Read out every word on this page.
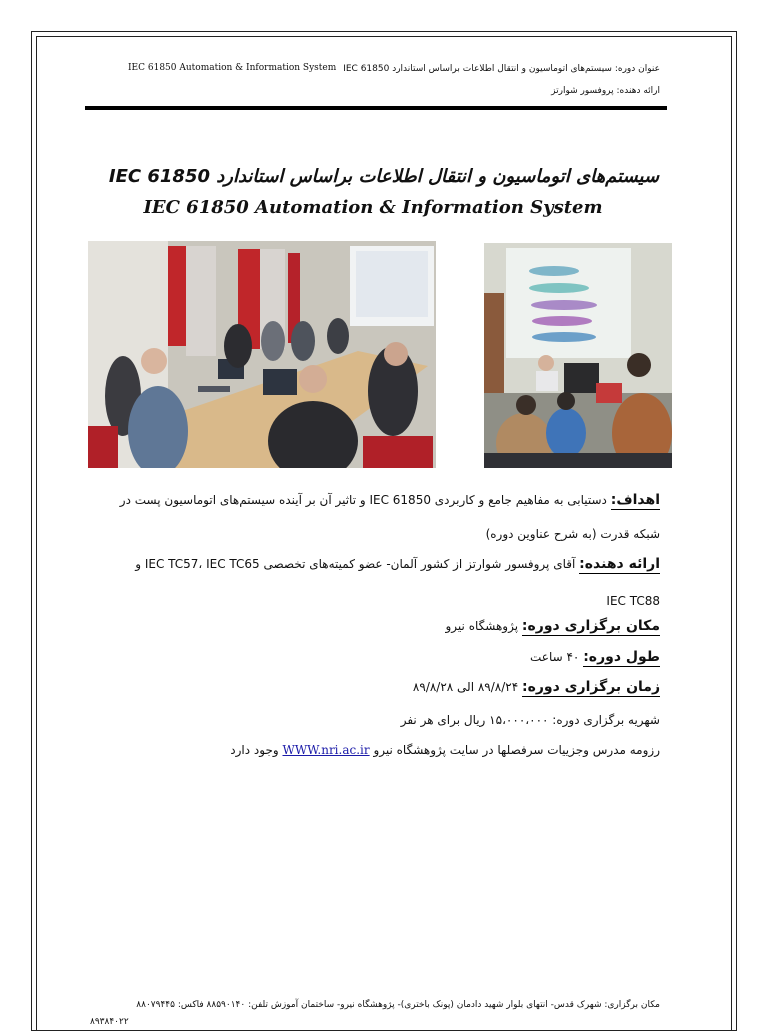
عنوان دوره: سیستم‌های اتوماسیون و انتقال اطلاعات براساس استاندارد IEC 61850
IEC 61850 Automation & Information System
ارائه دهنده: پروفسور شوارتز
سیستم‌های اتوماسیون و انتقال اطلاعات براساس استاندارد IEC 61850
IEC 61850 Automation & Information System
اهداف: دستیابی به مفاهیم جامع و کاربردی IEC 61850 و تاثیر آن بر آینده سیستم‌های اتوماسیون پست در
شبکه قدرت (به شرح عناوین دوره)
ارائه دهنده: آقای پروفسور شوارتز از کشور آلمان- عضو کمیته‌های تخصصی IEC TC57، IEC TC65 و
IEC TC88
مکان برگزاری دوره: پژوهشگاه نیرو
طول دوره: ۴۰ ساعت
زمان برگزاری دوره: ۸۹/۸/۲۴ الی ۸۹/۸/۲۸
شهریه برگزاری دوره: ۱۵،۰۰۰،۰۰۰ ریال برای هر نفر
رزومه مدرس وجزییات سرفصلها در سایت پژوهشگاه نیرو WWW.nri.ac.ir وجود دارد
مکان برگزاری: شهرک قدس- انتهای بلوار شهید دادمان (پونک باختری)- پژوهشگاه نیرو- ساختمان آموزش تلفن: ۸۸۵۹۰۱۴۰ فاکس: ۸۸۰۷۹۴۴۵
۸۹۳۸۴۰۲۲
